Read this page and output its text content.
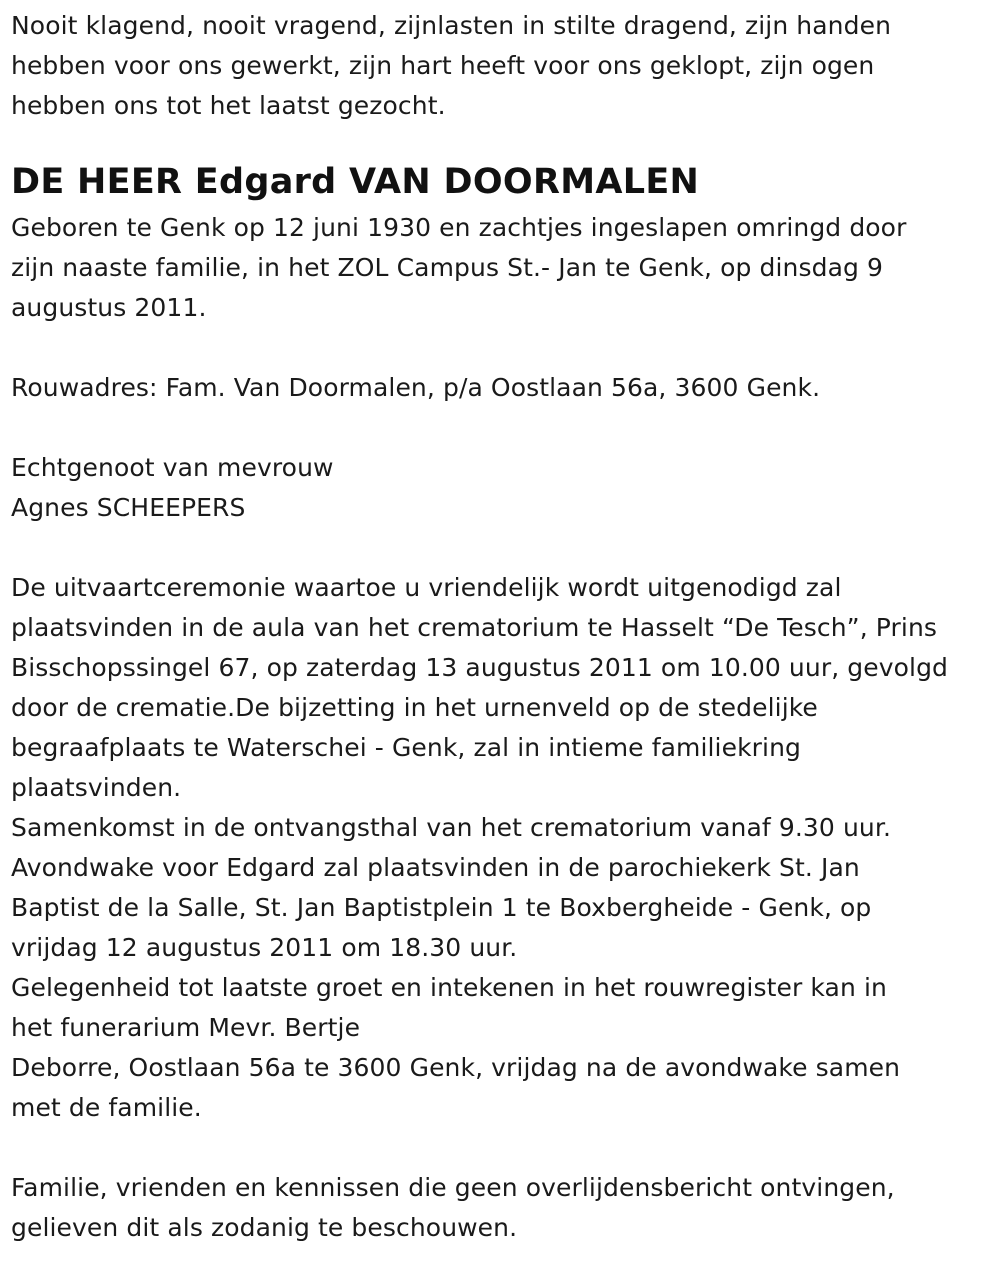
Nooit klagend, nooit vragend, zijnlasten in stilte dragend, zijn handen
hebben voor ons gewerkt, zijn hart heeft voor ons geklopt, zijn ogen
hebben ons tot het laatst gezocht.
DE HEER Edgard VAN DOORMALEN
Geboren te Genk op 12 juni 1930 en zachtjes ingeslapen omringd door
zijn naaste familie, in het ZOL Campus St.- Jan te Genk, op dinsdag 9
augustus 2011.
Rouwadres: Fam. Van Doormalen, p/a Oostlaan 56a, 3600 Genk.
Echtgenoot van mevrouw
Agnes SCHEEPERS
De uitvaartceremonie waartoe u vriendelijk wordt uitgenodigd zal
plaatsvinden in de aula van het crematorium te Hasselt “De Tesch”, Prins
Bisschopssingel 67, op zaterdag 13 augustus 2011 om 10.00 uur, gevolgd
door de crematie.De bijzetting in het urnenveld op de stedelijke
begraafplaats te Waterschei - Genk, zal in intieme familiekring
plaatsvinden.
Samenkomst in de ontvangsthal van het crematorium vanaf 9.30 uur.
Avondwake voor Edgard zal plaatsvinden in de parochiekerk St. Jan
Baptist de la Salle, St. Jan Baptistplein 1 te Boxbergheide - Genk, op
vrijdag 12 augustus 2011 om 18.30 uur.
Gelegenheid tot laatste groet en intekenen in het rouwregister kan in
het funerarium Mevr. Bertje
Deborre, Oostlaan 56a te 3600 Genk, vrijdag na de avondwake samen
met de familie.
Familie, vrienden en kennissen die geen overlijdensbericht ontvingen,
gelieven dit als zodanig te beschouwen.
